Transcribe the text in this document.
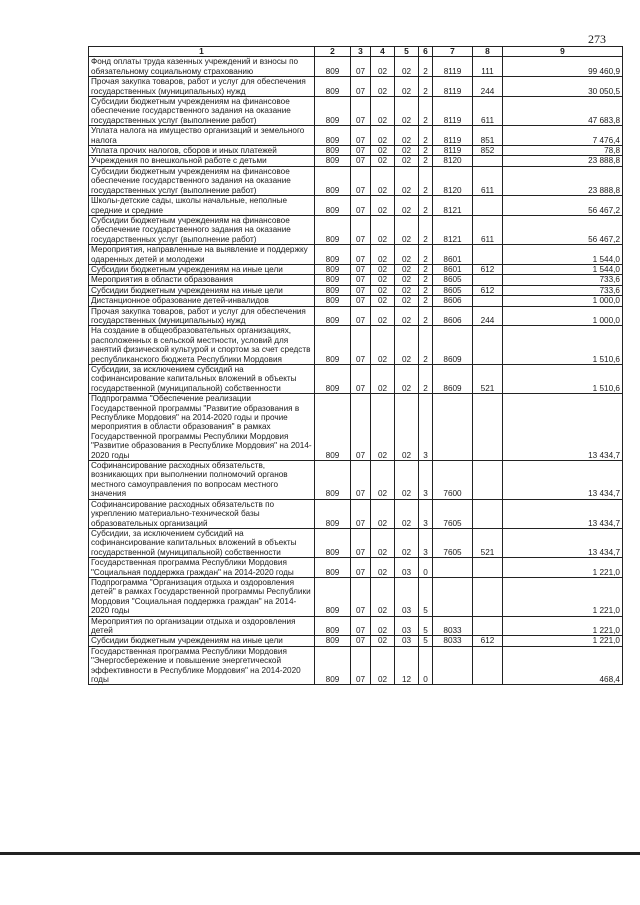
273
1	2	3	4	5	6	7	8	9
Фонд оплаты труда казенных учреждений и взносы по обязательному социальному страхованию	809	07	02	02	2	8119	111	99 460,9
Прочая закупка товаров, работ и услуг для обеспечения государственных (муниципальных) нужд	809	07	02	02	2	8119	244	30 050,5
Субсидии бюджетным учреждениям на финансовое обеспечение государственного задания на оказание государственных услуг (выполнение работ)	809	07	02	02	2	8119	611	47 683,8
Уплата налога на имущество организаций и земельного налога	809	07	02	02	2	8119	851	7 476,4
Уплата прочих налогов, сборов и иных платежей	809	07	02	02	2	8119	852	78,8
Учреждения по внешкольной работе с детьми	809	07	02	02	2	8120		23 888,8
Субсидии бюджетным учреждениям на финансовое обеспечение государственного задания на оказание государственных услуг (выполнение работ)	809	07	02	02	2	8120	611	23 888,8
Школы-детские сады, школы начальные, неполные средние и средние	809	07	02	02	2	8121		56 467,2
Субсидии бюджетным учреждениям на финансовое обеспечение государственного задания на оказание государственных услуг (выполнение работ)	809	07	02	02	2	8121	611	56 467,2
Мероприятия, направленные на выявление и поддержку одаренных детей и молодежи	809	07	02	02	2	8601		1 544,0
Субсидии бюджетным учреждениям на иные цели	809	07	02	02	2	8601	612	1 544,0
Мероприятия в области образования	809	07	02	02	2	8605		733,6
Субсидии бюджетным учреждениям на иные цели	809	07	02	02	2	8605	612	733,6
Дистанционное образование детей-инвалидов	809	07	02	02	2	8606		1 000,0
Прочая закупка товаров, работ и услуг для обеспечения государственных (муниципальных) нужд	809	07	02	02	2	8606	244	1 000,0
На создание в общеобразовательных организациях, расположенных в сельской местности, условий для занятий физической культурой и спортом за счет средств республиканского бюджета Республики Мордовия	809	07	02	02	2	8609		1 510,6
Субсидии, за исключением субсидий на софинансирование капитальных вложений в объекты государственной (муниципальной) собственности	809	07	02	02	2	8609	521	1 510,6
Подпрограмма "Обеспечение реализации Государственной программы "Развитие образования в Республике Мордовия" на 2014-2020 годы и прочие мероприятия в области образования" в рамках Государственной программы Республики Мордовия "Развитие образования в Республике Мордовия" на 2014-2020 годы	809	07	02	02	3			13 434,7
Софинансирование расходных обязательств, возникающих при выполнении полномочий органов местного самоуправления по вопросам местного значения	809	07	02	02	3	7600		13 434,7
Софинансирование расходных обязательств по укреплению материально-технической базы образовательных организаций	809	07	02	02	3	7605		13 434,7
Субсидии, за исключением субсидий на софинансирование капитальных вложений в объекты государственной (муниципальной) собственности	809	07	02	02	3	7605	521	13 434,7
Государственная программа Республики Мордовия "Социальная поддержка граждан" на 2014-2020 годы	809	07	02	03	0			1 221,0
Подпрограмма "Организация отдыха и оздоровления детей" в рамках Государственной программы Республики Мордовия "Социальная поддержка граждан" на 2014-2020 годы	809	07	02	03	5			1 221,0
Мероприятия по организации отдыха и оздоровления детей	809	07	02	03	5	8033		1 221,0
Субсидии бюджетным учреждениям на иные цели	809	07	02	03	5	8033	612	1 221,0
Государственная программа Республики Мордовия "Энергосбережение и повышение энергетической эффективности в Республике Мордовия" на 2014-2020 годы	809	07	02	12	0			468,4
